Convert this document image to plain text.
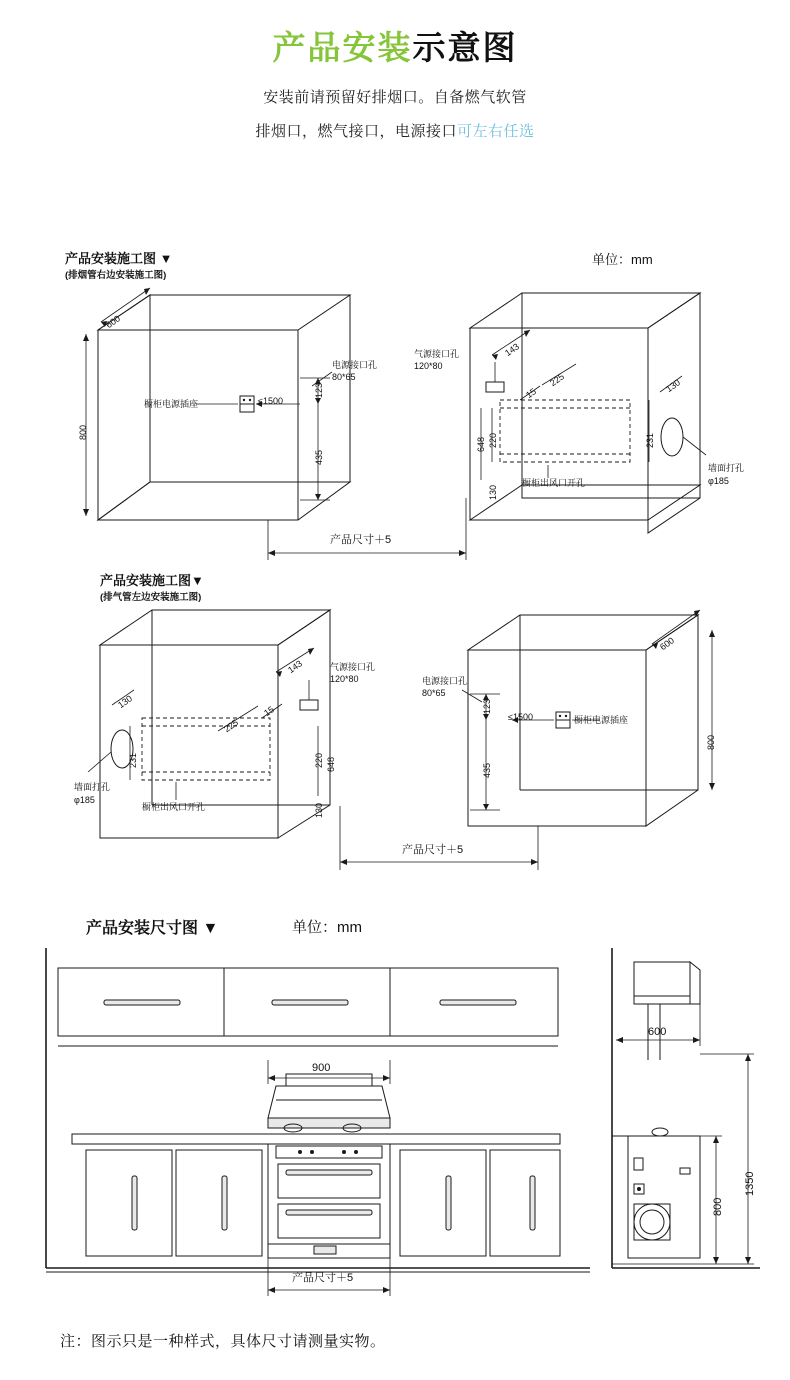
产品安装示意图
安装前请预留好排烟口。自备燃气软管
排烟口，燃气接口，电源接口可左右任选
产品安装施工图 ▼
(排烟管右边安装施工图)
单位：mm
600
800
橱柜电源插座	≤1500
电源接口孔
80*65
123
435
产品尺寸＋5
气源接口孔
120*80
143
15
225	130
648 220
130
231
橱柜出风口开孔
墙面打孔
φ185
产品安装施工图▼
(排气管左边安装施工图)
143	气源接口孔
120*80
15
225
130
648
220
130
231
墙面打孔
φ185
橱柜出风口开孔
电源接口孔
80*65
123
435
≤1500	橱柜电源插座
600
800
产品尺寸＋5
产品安装尺寸图 ▼	单位：mm
900
产品尺寸＋5
600
800
1350
注：图示只是一种样式，具体尺寸请测量实物。
